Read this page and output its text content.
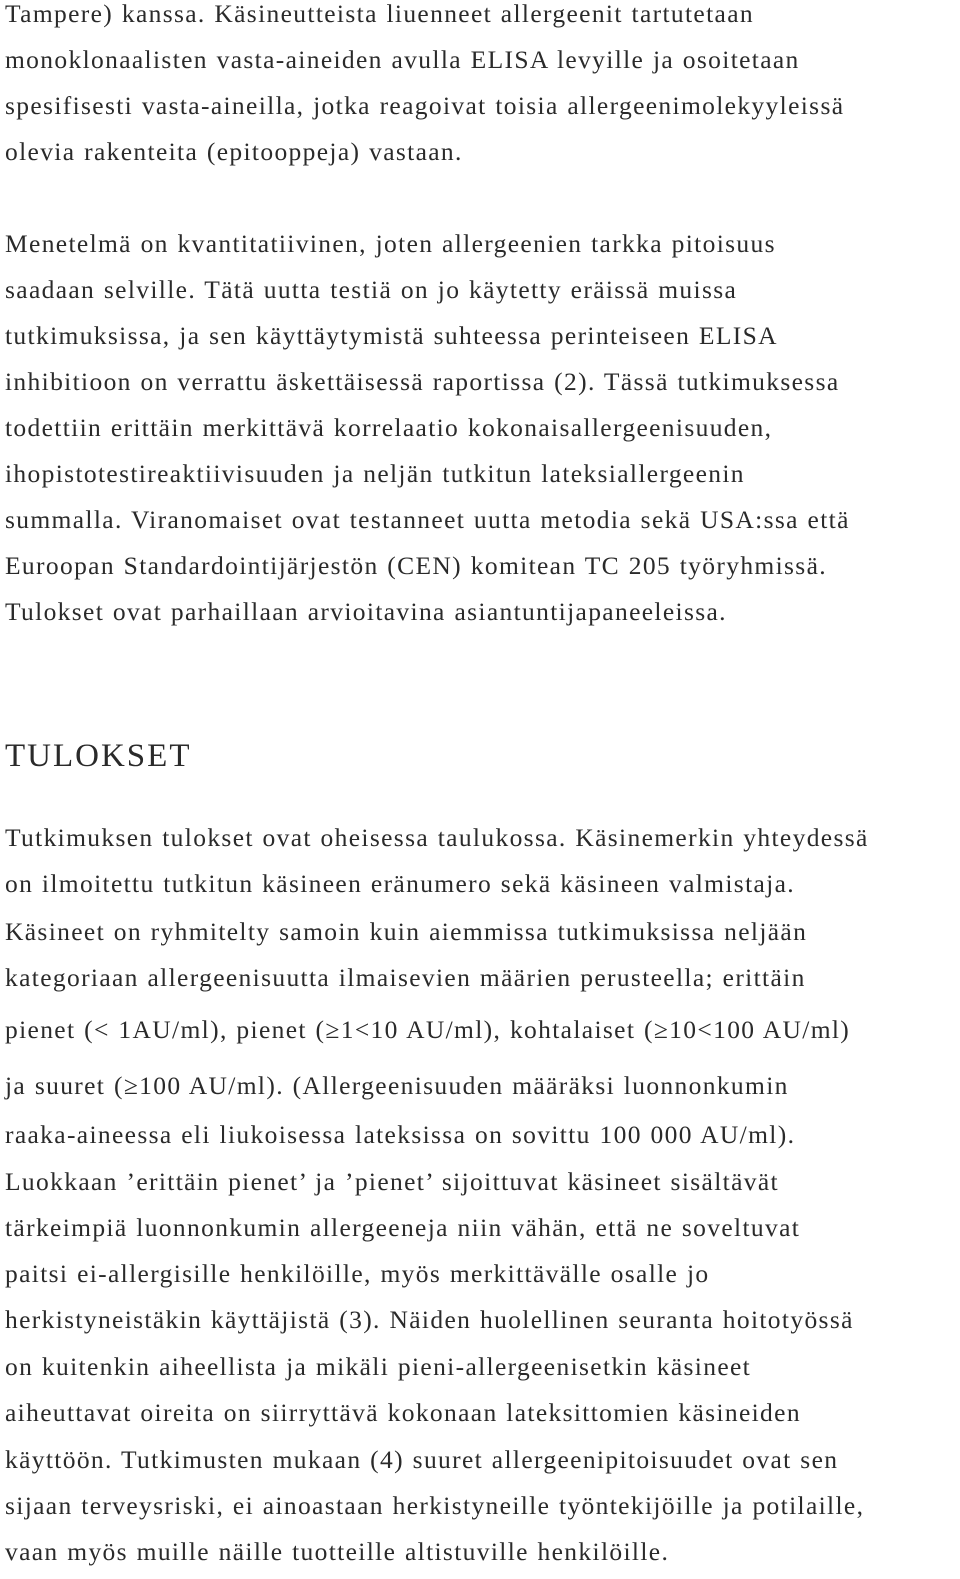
Tampere) kanssa. Käsineutteista liuenneet allergeenit tartutetaan
monoklonaalisten vasta-aineiden avulla ELISA levyille ja osoitetaan
spesifisesti vasta-aineilla, jotka reagoivat toisia allergeenimolekyyleissä
olevia rakenteita (epitooppeja) vastaan.
Menetelmä on kvantitatiivinen, joten allergeenien tarkka pitoisuus
saadaan selville. Tätä uutta testiä on jo käytetty eräissä muissa
tutkimuksissa, ja sen käyttäytymistä suhteessa perinteiseen ELISA
inhibitioon on verrattu äskettäisessä raportissa (2). Tässä tutkimuksessa
todettiin erittäin merkittävä korrelaatio kokonaisallergeenisuuden,
ihopistotestireaktiivisuuden ja neljän tutkitun lateksiallergeenin
summalla. Viranomaiset ovat testanneet uutta metodia sekä USA:ssa että
Euroopan Standardointijärjestön (CEN) komitean TC 205 työryhmissä.
Tulokset ovat parhaillaan arvioitavina asiantuntijapaneeleissa.
TULOKSET
Tutkimuksen tulokset ovat oheisessa taulukossa. Käsinemerkin yhteydessä
on ilmoitettu tutkitun käsineen eränumero sekä käsineen valmistaja.
Käsineet on ryhmitelty samoin kuin aiemmissa tutkimuksissa neljään
kategoriaan allergeenisuutta ilmaisevien määrien perusteella; erittäin
pienet (< 1AU/ml), pienet (≥1<10 AU/ml), kohtalaiset (≥10<100 AU/ml)
ja suuret (≥100 AU/ml). (Allergeenisuuden määräksi luonnonkumin
raaka-aineessa eli liukoisessa lateksissa on sovittu 100 000 AU/ml).
Luokkaan ’erittäin pienet’ ja ’pienet’ sijoittuvat käsineet sisältävät
tärkeimpiä luonnonkumin allergeeneja niin vähän, että ne soveltuvat
paitsi ei-allergisille henkilöille, myös merkittävälle osalle jo
herkistyneistäkin käyttäjistä (3). Näiden huolellinen seuranta hoitotyössä
on kuitenkin aiheellista ja mikäli pieni-allergeenisetkin käsineet
aiheuttavat oireita on siirryttävä kokonaan lateksittomien käsineiden
käyttöön. Tutkimusten mukaan (4) suuret allergeenipitoisuudet ovat sen
sijaan terveysriski, ei ainoastaan herkistyneille työntekijöille ja potilaille,
vaan myös muille näille tuotteille altistuville henkilöille.
